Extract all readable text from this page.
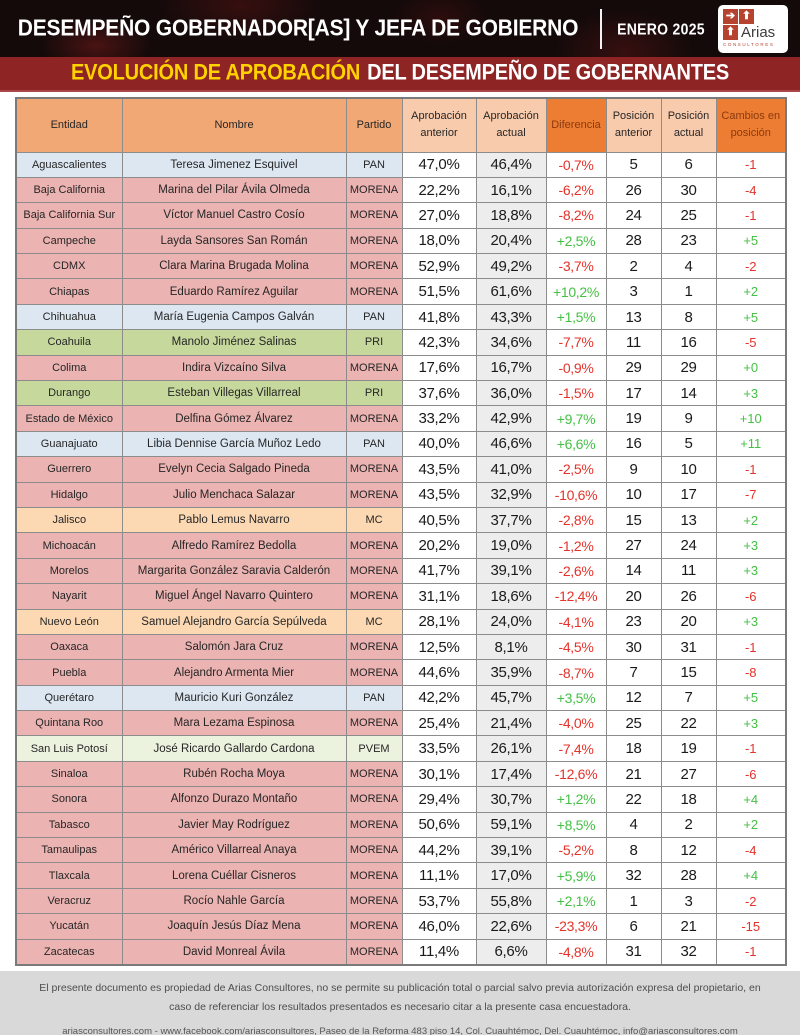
DESEMPEÑO GOBERNADOR[AS] Y JEFA DE GOBIERNO	ENERO 2025
➔ ⬆
⬆ Arias
CONSULTORES
EVOLUCIÓN DE APROBACIÓN DEL DESEMPEÑO DE GOBERNANTES
Entidad	Nombre	Partido	Aprobación anterior	Aprobación actual	Diferencia	Posición anterior	Posición actual	Cambios en posición
Aguascalientes	Teresa Jimenez Esquivel	PAN	47,0%	46,4%	-0,7%	5	6	-1
Baja California	Marina del Pilar Ávila Olmeda	MORENA	22,2%	16,1%	-6,2%	26	30	-4
Baja California Sur	Víctor Manuel Castro Cosío	MORENA	27,0%	18,8%	-8,2%	24	25	-1
Campeche	Layda Sansores San Román	MORENA	18,0%	20,4%	+2,5%	28	23	+5
CDMX	Clara Marina Brugada Molina	MORENA	52,9%	49,2%	-3,7%	2	4	-2
Chiapas	Eduardo Ramírez Aguilar	MORENA	51,5%	61,6%	+10,2%	3	1	+2
Chihuahua	María Eugenia Campos Galván	PAN	41,8%	43,3%	+1,5%	13	8	+5
Coahuila	Manolo Jiménez Salinas	PRI	42,3%	34,6%	-7,7%	11	16	-5
Colima	Indira Vizcaíno Silva	MORENA	17,6%	16,7%	-0,9%	29	29	+0
Durango	Esteban Villegas Villarreal	PRI	37,6%	36,0%	-1,5%	17	14	+3
Estado de México	Delfina Gómez Álvarez	MORENA	33,2%	42,9%	+9,7%	19	9	+10
Guanajuato	Libia Dennise García Muñoz Ledo	PAN	40,0%	46,6%	+6,6%	16	5	+11
Guerrero	Evelyn Cecia Salgado Pineda	MORENA	43,5%	41,0%	-2,5%	9	10	-1
Hidalgo	Julio Menchaca Salazar	MORENA	43,5%	32,9%	-10,6%	10	17	-7
Jalisco	Pablo Lemus Navarro	MC	40,5%	37,7%	-2,8%	15	13	+2
Michoacán	Alfredo Ramírez Bedolla	MORENA	20,2%	19,0%	-1,2%	27	24	+3
Morelos	Margarita González Saravia Calderón	MORENA	41,7%	39,1%	-2,6%	14	11	+3
Nayarit	Miguel Ángel Navarro Quintero	MORENA	31,1%	18,6%	-12,4%	20	26	-6
Nuevo León	Samuel Alejandro García Sepúlveda	MC	28,1%	24,0%	-4,1%	23	20	+3
Oaxaca	Salomón Jara Cruz	MORENA	12,5%	8,1%	-4,5%	30	31	-1
Puebla	Alejandro Armenta Mier	MORENA	44,6%	35,9%	-8,7%	7	15	-8
Querétaro	Mauricio Kuri González	PAN	42,2%	45,7%	+3,5%	12	7	+5
Quintana Roo	Mara Lezama Espinosa	MORENA	25,4%	21,4%	-4,0%	25	22	+3
San Luis Potosí	José Ricardo Gallardo Cardona	PVEM	33,5%	26,1%	-7,4%	18	19	-1
Sinaloa	Rubén Rocha Moya	MORENA	30,1%	17,4%	-12,6%	21	27	-6
Sonora	Alfonzo Durazo Montaño	MORENA	29,4%	30,7%	+1,2%	22	18	+4
Tabasco	Javier May Rodríguez	MORENA	50,6%	59,1%	+8,5%	4	2	+2
Tamaulipas	Américo Villarreal Anaya	MORENA	44,2%	39,1%	-5,2%	8	12	-4
Tlaxcala	Lorena Cuéllar Cisneros	MORENA	11,1%	17,0%	+5,9%	32	28	+4
Veracruz	Rocío Nahle García	MORENA	53,7%	55,8%	+2,1%	1	3	-2
Yucatán	Joaquín Jesús Díaz Mena	MORENA	46,0%	22,6%	-23,3%	6	21	-15
Zacatecas	David Monreal Ávila	MORENA	11,4%	6,6%	-4,8%	31	32	-1
El presente documento es propiedad de Arias Consultores, no se permite su publicación total o parcial salvo previa autorización expresa del propietario, en caso de referenciar los resultados presentados es necesario citar a la presente casa encuestadora.
ariasconsultores.com - www.facebook.com/ariasconsultores, Paseo de la Reforma 483 piso 14, Col. Cuauhtémoc, Del. Cuauhtémoc, info@ariasconsultores.com
